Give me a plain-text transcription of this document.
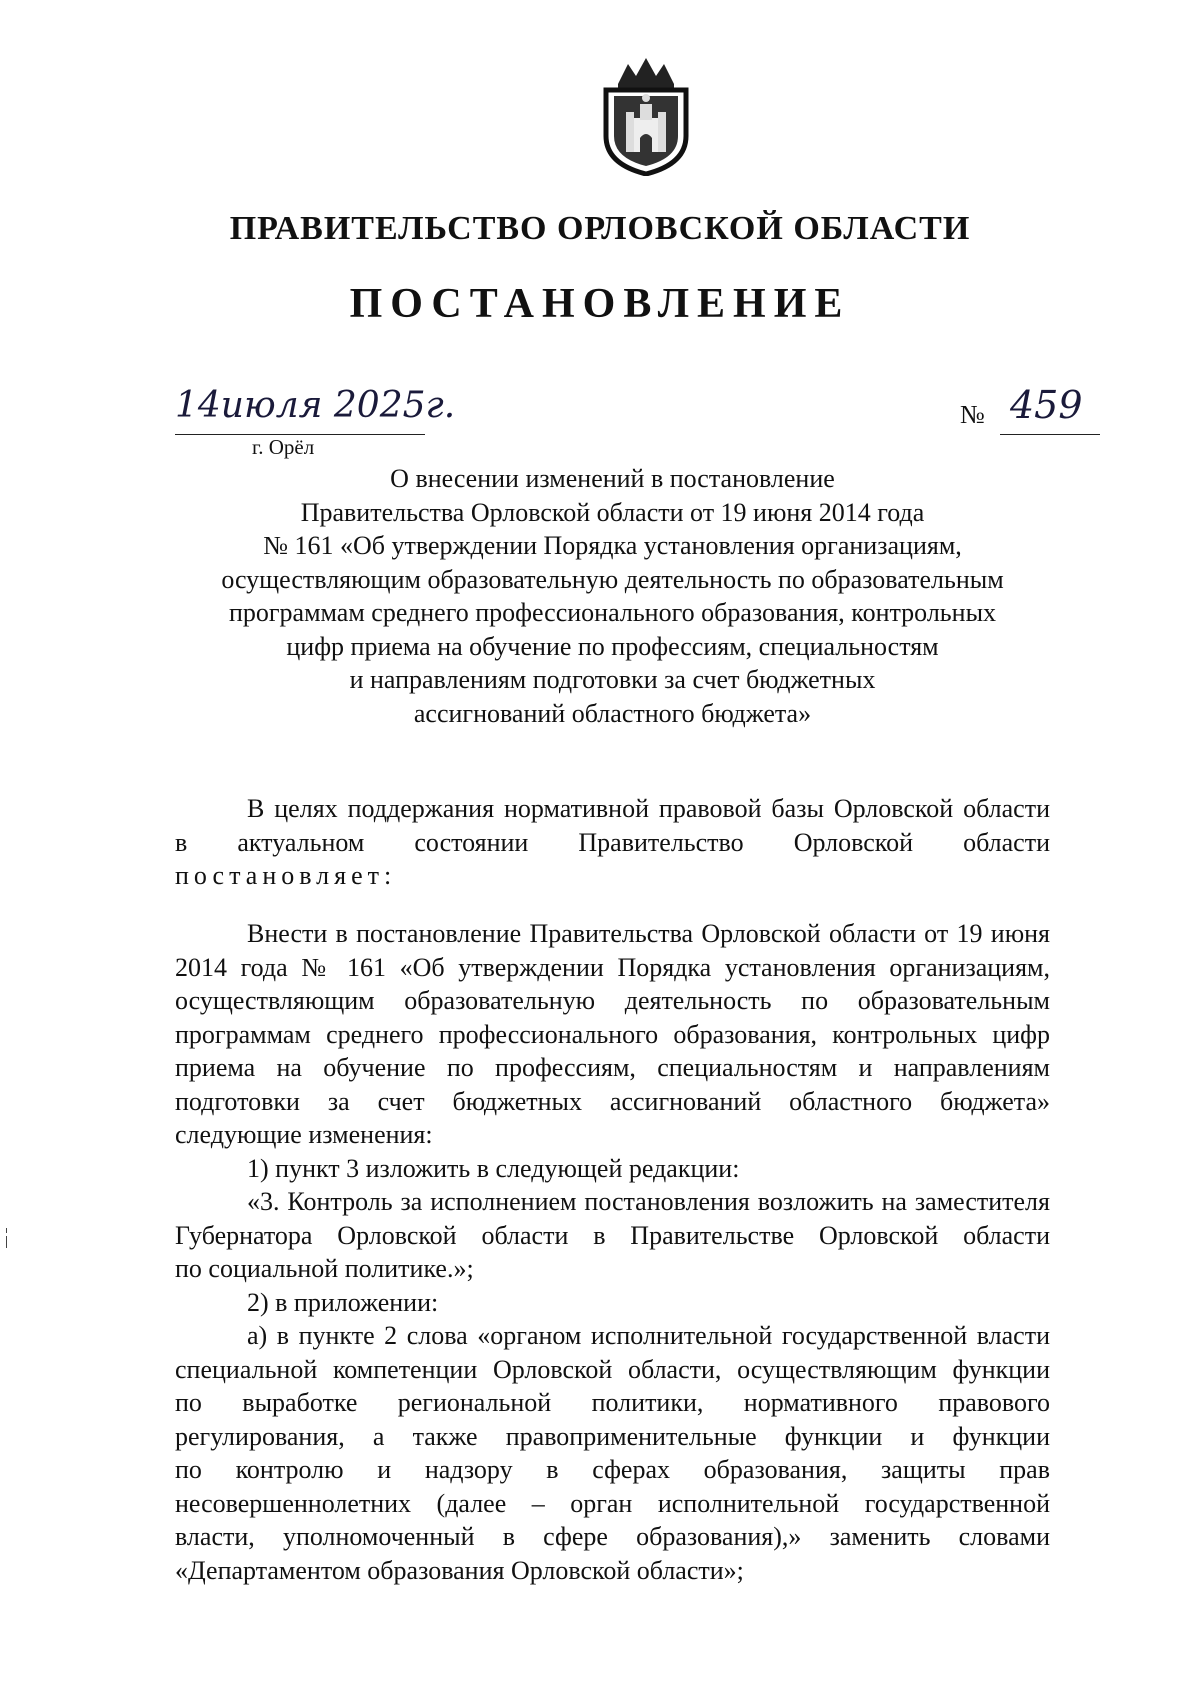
ПРАВИТЕЛЬСТВО ОРЛОВСКОЙ ОБЛАСТИ
ПОСТАНОВЛЕНИЕ
14июля 2025г.
г. Орёл
№ 459
О внесении изменений в постановление
Правительства Орловской области от 19 июня 2014 года
№ 161 «Об утверждении Порядка установления организациям,
осуществляющим образовательную деятельность по образовательным
программам среднего профессионального образования, контрольных
цифр приема на обучение по профессиям, специальностям
и направлениям подготовки за счет бюджетных
ассигнований областного бюджета»
В целях поддержания нормативной правовой базы Орловской области
в актуальном состоянии Правительство Орловской области
постановляет:
Внести в постановление Правительства Орловской области от 19 июня
2014 года № 161 «Об утверждении Порядка установления организациям,
осуществляющим образовательную деятельность по образовательным
программам среднего профессионального образования, контрольных цифр
приема на обучение по профессиям, специальностям и направлениям
подготовки за счет бюджетных ассигнований областного бюджета»
следующие изменения:
1) пункт 3 изложить в следующей редакции:
«3. Контроль за исполнением постановления возложить на заместителя
Губернатора Орловской области в Правительстве Орловской области
по социальной политике.»;
2) в приложении:
а) в пункте 2 слова «органом исполнительной государственной власти
специальной компетенции Орловской области, осуществляющим функции
по выработке региональной политики, нормативного правового
регулирования, а также правоприменительные функции и функции
по контролю и надзору в сферах образования, защиты прав
несовершеннолетних (далее – орган исполнительной государственной
власти, уполномоченный в сфере образования),» заменить словами
«Департаментом образования Орловской области»;
